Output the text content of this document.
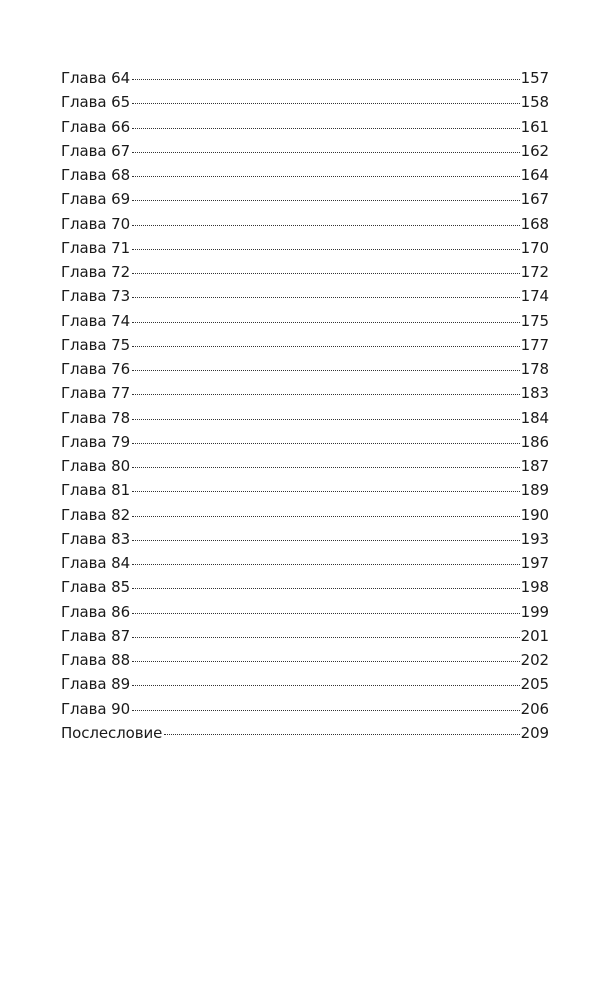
Глава 64	157
Глава 65	158
Глава 66	161
Глава 67	162
Глава 68	164
Глава 69	167
Глава 70	168
Глава 71	170
Глава 72	172
Глава 73	174
Глава 74	175
Глава 75	177
Глава 76	178
Глава 77	183
Глава 78	184
Глава 79	186
Глава 80	187
Глава 81	189
Глава 82	190
Глава 83	193
Глава 84	197
Глава 85	198
Глава 86	199
Глава 87	201
Глава 88	202
Глава 89	205
Глава 90	206
Послесловие	209
